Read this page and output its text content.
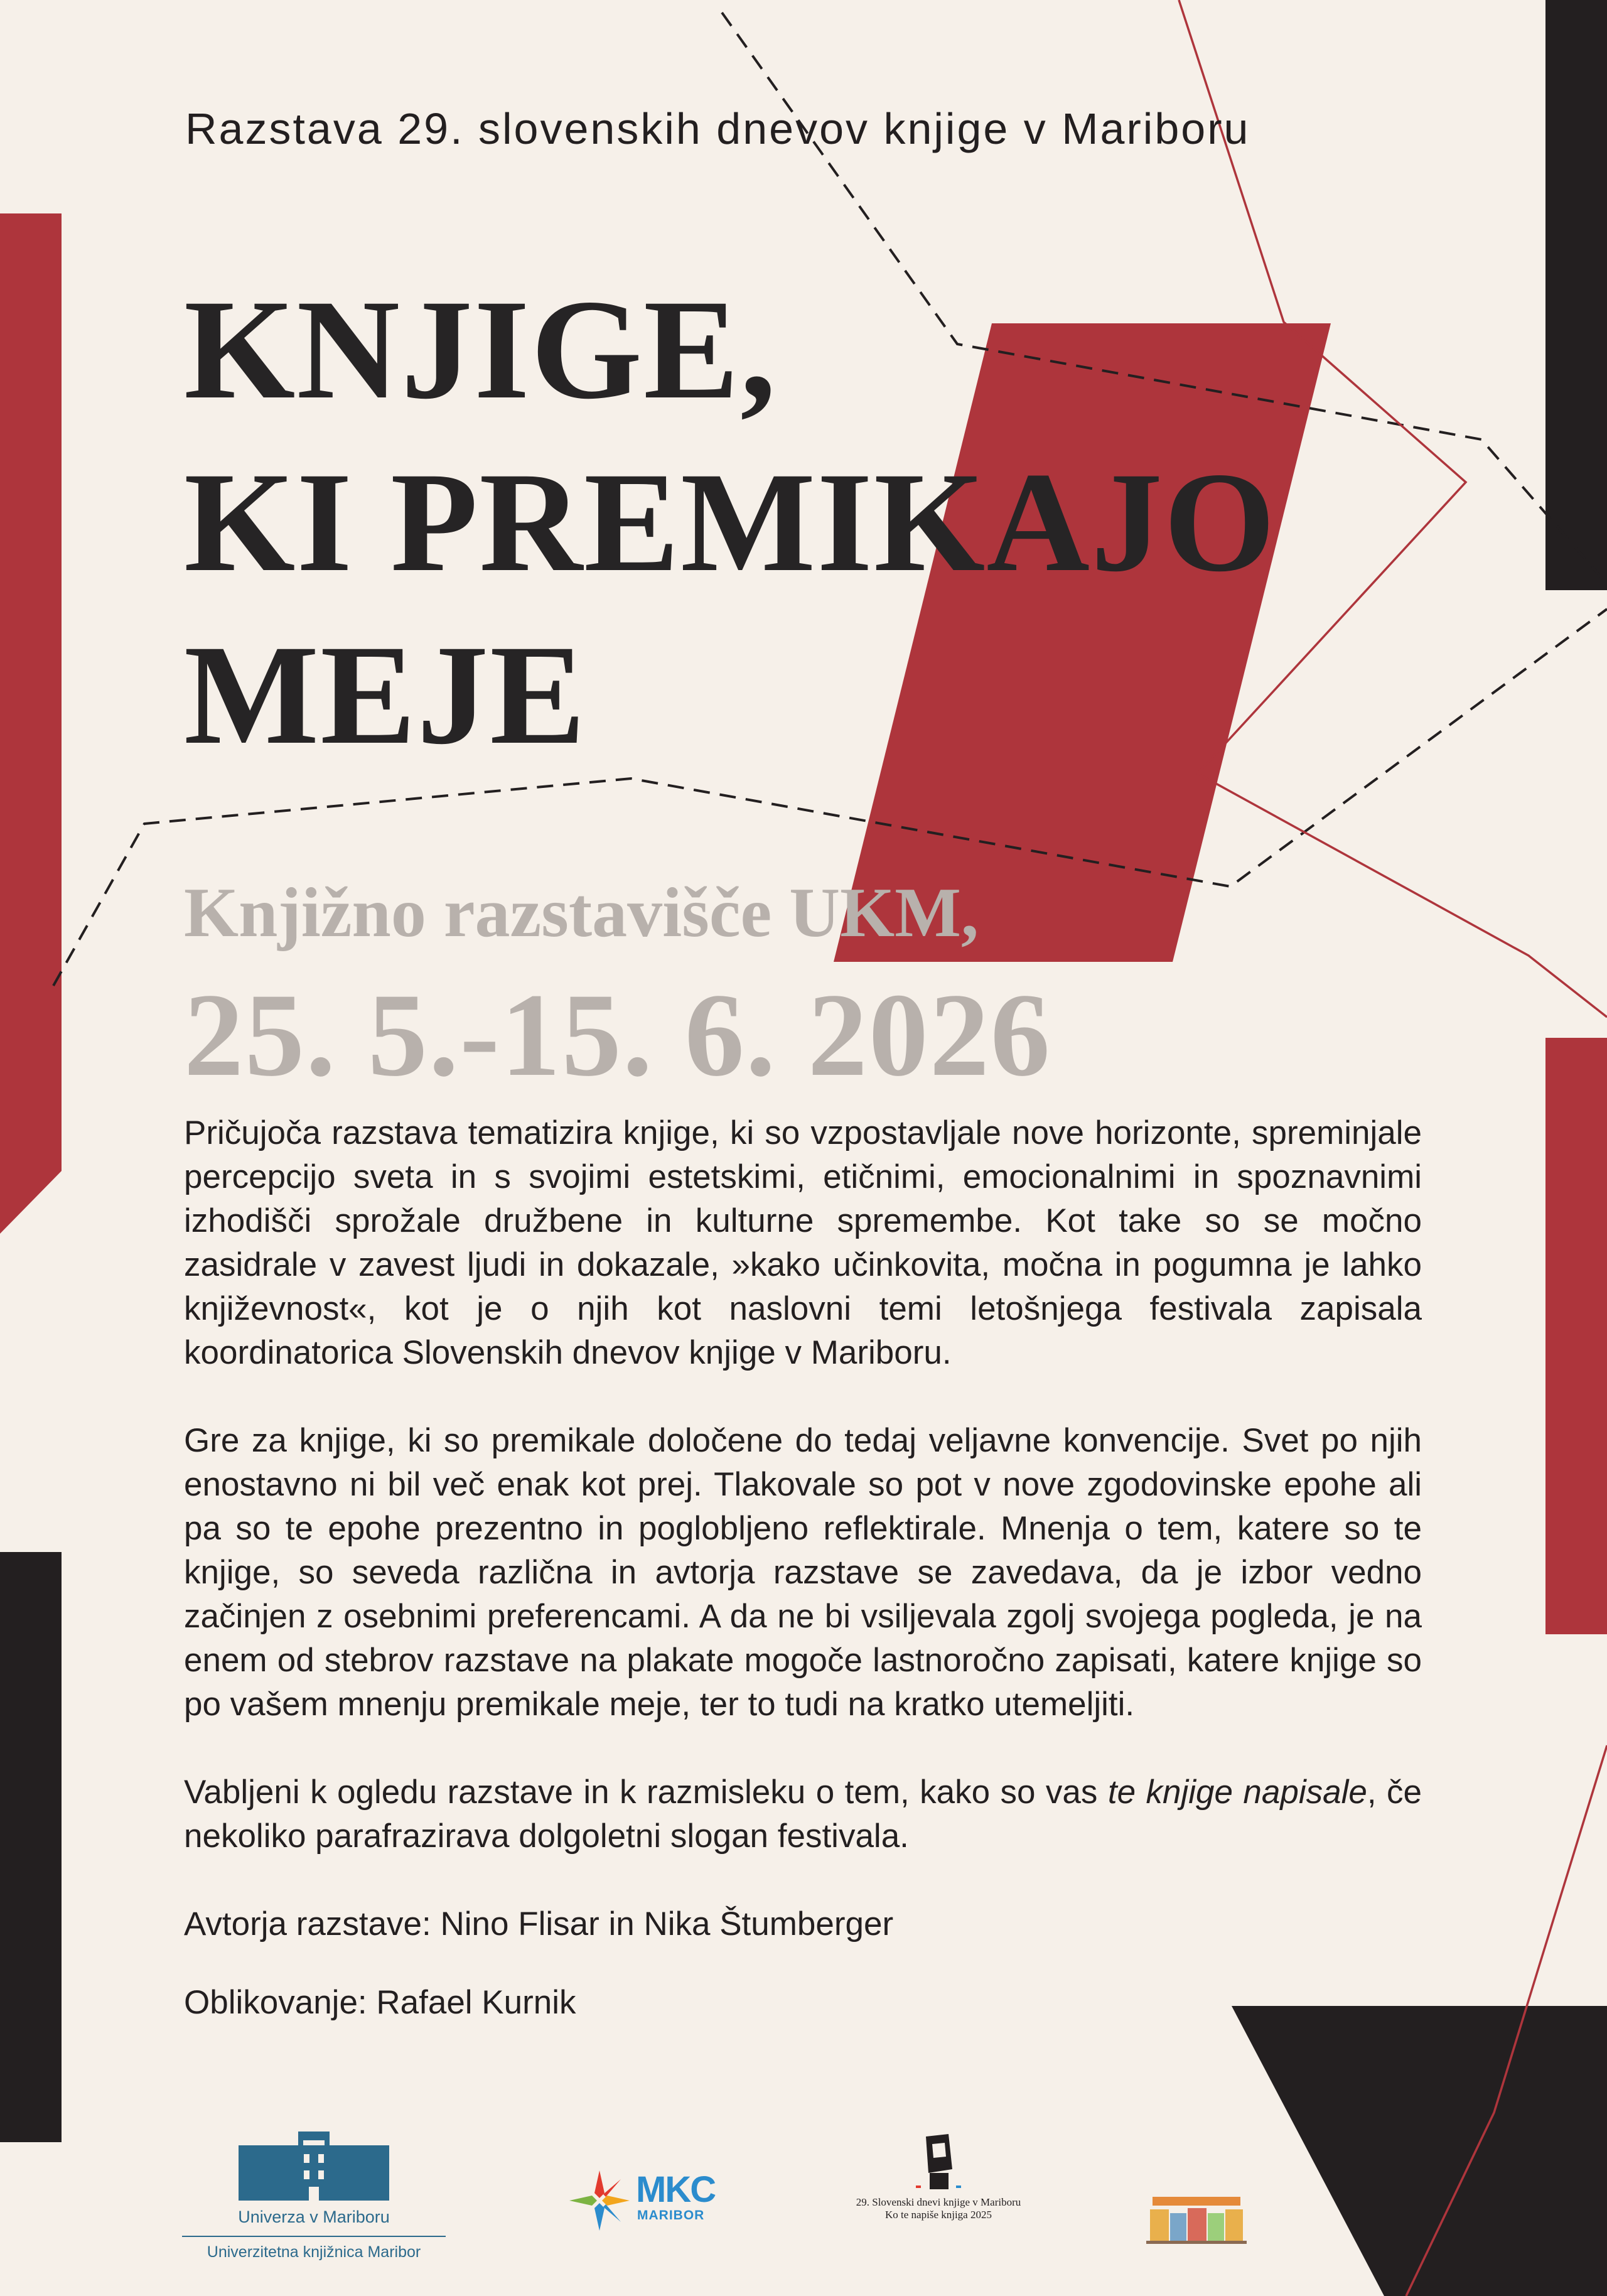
Razstava 29. slovenskih dnevov knjige v Mariboru
KNJIGE,
KI PREMIKAJO
MEJE
Knjižno razstavišče UKM,
25. 5.-15. 6. 2026

Pričujoča razstava tematizira knjige, ki so vzpostavljale nove horizonte, spreminjale percepcijo sveta in s svojimi estetskimi, etičnimi, emocionalnimi in spoznavnimi izhodišči sprožale družbene in kulturne spremembe. Kot take so se močno zasidrale v zavest ljudi in dokazale, »kako učinkovita, močna in pogumna je lahko književnost«, kot je o njih kot naslovni temi letošnjega festivala zapisala koordinatorica Slovenskih dnevov knjige v Mariboru.

Gre za knjige, ki so premikale določene do tedaj veljavne konvencije. Svet po njih enostavno ni bil več enak kot prej. Tlakovale so pot v nove zgodovinske epohe ali pa so te epohe prezentno in poglobljeno reflektirale. Mnenja o tem, katere so te knjige, so seveda različna in avtorja razstave se zavedava, da je izbor vedno začinjen z osebnimi preferencami. A da ne bi vsiljevala zgolj svojega pogleda, je na enem od stebrov razstave na plakate mogoče lastnoročno zapisati, katere knjige so po vašem mnenju premikale meje, ter to tudi na kratko utemeljiti.

Vabljeni k ogledu razstave in k razmisleku o tem, kako so vas te knjige napisale, če nekoliko parafrazirava dolgoletni slogan festivala.

Avtorja razstave: Nino Flisar in Nika Štumberger

Oblikovanje: Rafael Kurnik

Univerza v Mariboru
Univerzitetna knjižnica Maribor
MKC
MARIBOR
29. Slovenski dnevi knjige v Mariboru
Ko te napiše knjiga 2025
